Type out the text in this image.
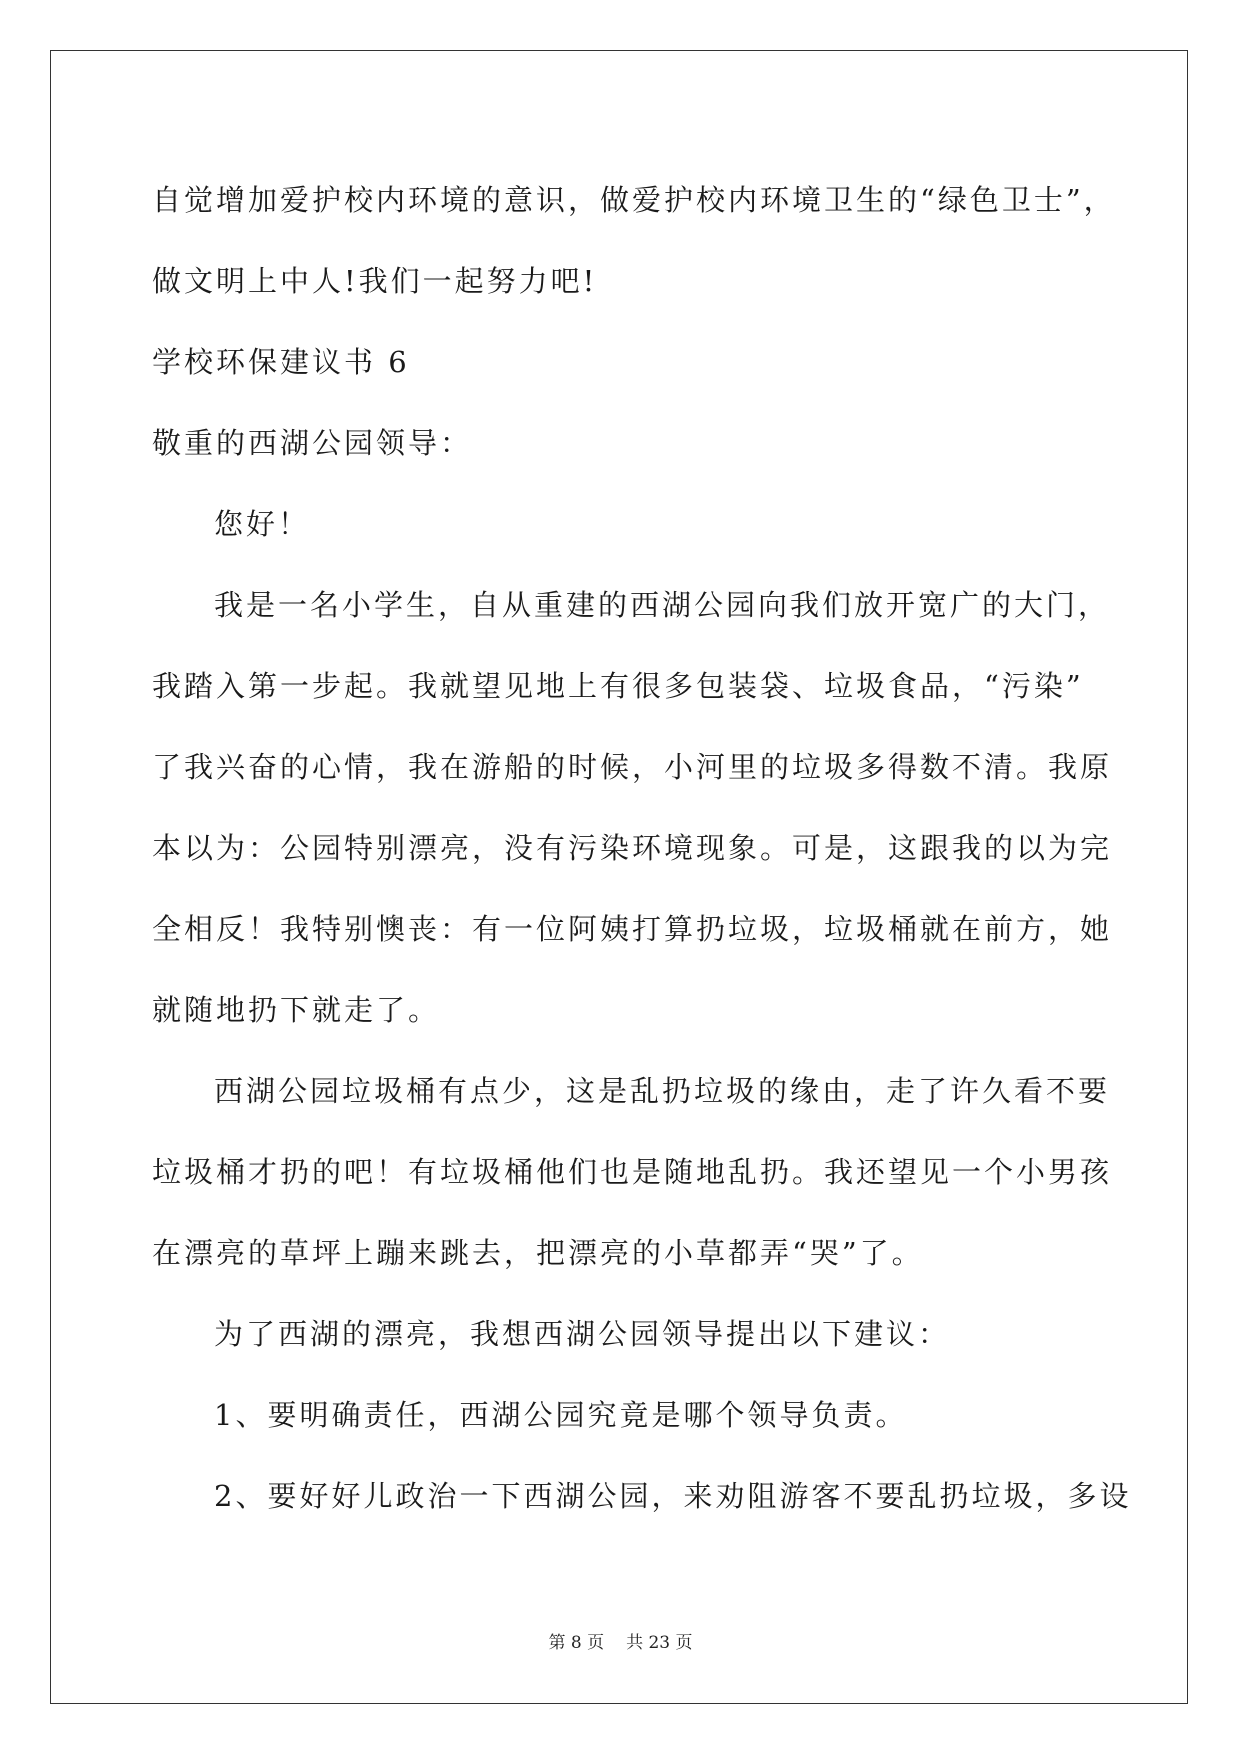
自觉增加爱护校内环境的意识，做爱护校内环境卫生的“绿色卫士”，
做文明上中人!我们一起努力吧!
学校环保建议书 6
敬重的西湖公园领导：
您好！
我是一名小学生，自从重建的西湖公园向我们放开宽广的大门，
我踏入第一步起。我就望见地上有很多包装袋、垃圾食品，“污染”
了我兴奋的心情，我在游船的时候，小河里的垃圾多得数不清。我原
本以为：公园特别漂亮，没有污染环境现象。可是，这跟我的以为完
全相反！我特别懊丧：有一位阿姨打算扔垃圾，垃圾桶就在前方，她
就随地扔下就走了。
西湖公园垃圾桶有点少，这是乱扔垃圾的缘由，走了许久看不要
垃圾桶才扔的吧！有垃圾桶他们也是随地乱扔。我还望见一个小男孩
在漂亮的草坪上蹦来跳去，把漂亮的小草都弄“哭”了。
为了西湖的漂亮，我想西湖公园领导提出以下建议：
1、要明确责任，西湖公园究竟是哪个领导负责。
2、要好好儿政治一下西湖公园，来劝阻游客不要乱扔垃圾，多设
第 8 页 共 23 页
